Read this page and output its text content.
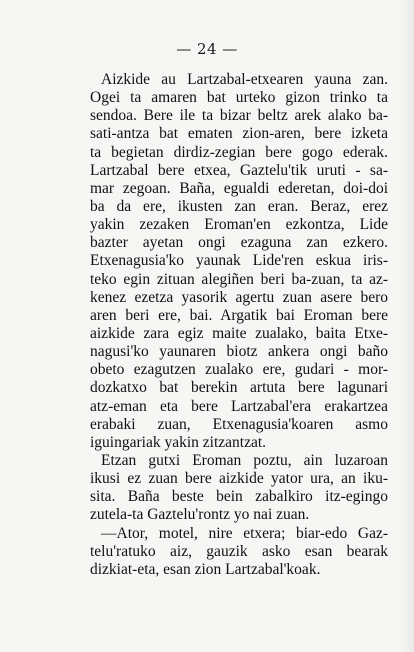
— 24 —
Aizkide au Lartzabal-etxearen yauna zan.
Ogei ta amaren bat urteko gizon trinko ta
sendoa. Bere ile ta bizar beltz arek alako ba-
sati-antza bat ematen zion-aren, bere izketa
ta begietan dirdiz-zegian bere gogo ederak.
Lartzabal bere etxea, Gaztelu'tik uruti - sa-
mar zegoan. Baña, egualdi ederetan, doi-doi
ba da ere, ikusten zan eran. Beraz, erez
yakin zezaken Eroman'en ezkontza, Lide
bazter ayetan ongi ezaguna zan ezkero.
Etxenagusia'ko yaunak Lide'ren eskua iris-
teko egin zituan alegiñen beri ba-zuan, ta az-
kenez ezetza yasorik agertu zuan asere bero
aren beri ere, bai. Argatik bai Eroman bere
aizkide zara egiz maite zualako, baita Etxe-
nagusi'ko yaunaren biotz ankera ongi baño
obeto ezagutzen zualako ere, gudari - mor-
dozkatxo bat berekin artuta bere lagunari
atz-eman eta bere Lartzabal'era erakartzea
erabaki zuan, Etxenagusia'koaren asmo
iguingariak yakin zitzantzat.
Etzan gutxi Eroman poztu, ain luzaroan
ikusi ez zuan bere aizkide yator ura, an iku-
sita. Baña beste bein zabalkiro itz-egingo
zutela-ta Gaztelu'rontz yo nai zuan.
—Ator, motel, nire etxera; biar-edo Gaz-
telu'ratuko aiz, gauzik asko esan bearak
dizkiat-eta, esan zion Lartzabal'koak.
